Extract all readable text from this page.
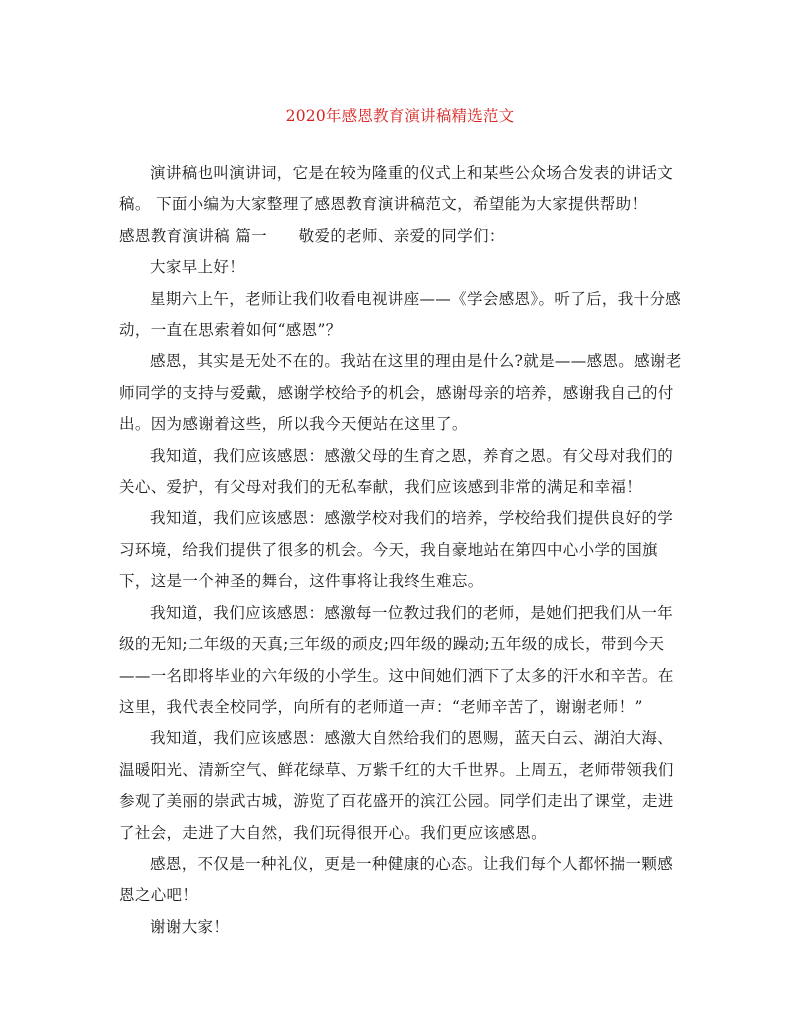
2020年感恩教育演讲稿精选范文

演讲稿也叫演讲词，它是在较为隆重的仪式上和某些公众场合发表的讲话文稿。 下面小编为大家整理了感恩教育演讲稿范文，希望能为大家提供帮助！

感恩教育演讲稿 篇一　　敬爱的老师、亲爱的同学们：

大家早上好！

星期六上午，老师让我们收看电视讲座——《学会感恩》。听了后，我十分感动，一直在思索着如何“感恩”？

感恩，其实是无处不在的。我站在这里的理由是什么?就是——感恩。感谢老师同学的支持与爱戴，感谢学校给予的机会，感谢母亲的培养，感谢我自己的付出。因为感谢着这些，所以我今天便站在这里了。

我知道，我们应该感恩：感激父母的生育之恩，养育之恩。有父母对我们的关心、爱护，有父母对我们的无私奉献，我们应该感到非常的满足和幸福！

我知道，我们应该感恩：感激学校对我们的培养，学校给我们提供良好的学习环境，给我们提供了很多的机会。今天，我自豪地站在第四中心小学的国旗下，这是一个神圣的舞台，这件事将让我终生难忘。

我知道，我们应该感恩：感激每一位教过我们的老师，是她们把我们从一年级的无知;二年级的天真;三年级的顽皮;四年级的躁动;五年级的成长，带到今天——一名即将毕业的六年级的小学生。这中间她们洒下了太多的汗水和辛苦。在这里，我代表全校同学，向所有的老师道一声：“老师辛苦了，谢谢老师！”

我知道，我们应该感恩：感激大自然给我们的恩赐，蓝天白云、湖泊大海、温暖阳光、清新空气、鲜花绿草、万紫千红的大千世界。上周五，老师带领我们参观了美丽的崇武古城，游览了百花盛开的滨江公园。同学们走出了课堂，走进了社会，走进了大自然，我们玩得很开心。我们更应该感恩。

感恩，不仅是一种礼仪，更是一种健康的心态。让我们每个人都怀揣一颗感恩之心吧！

谢谢大家！
